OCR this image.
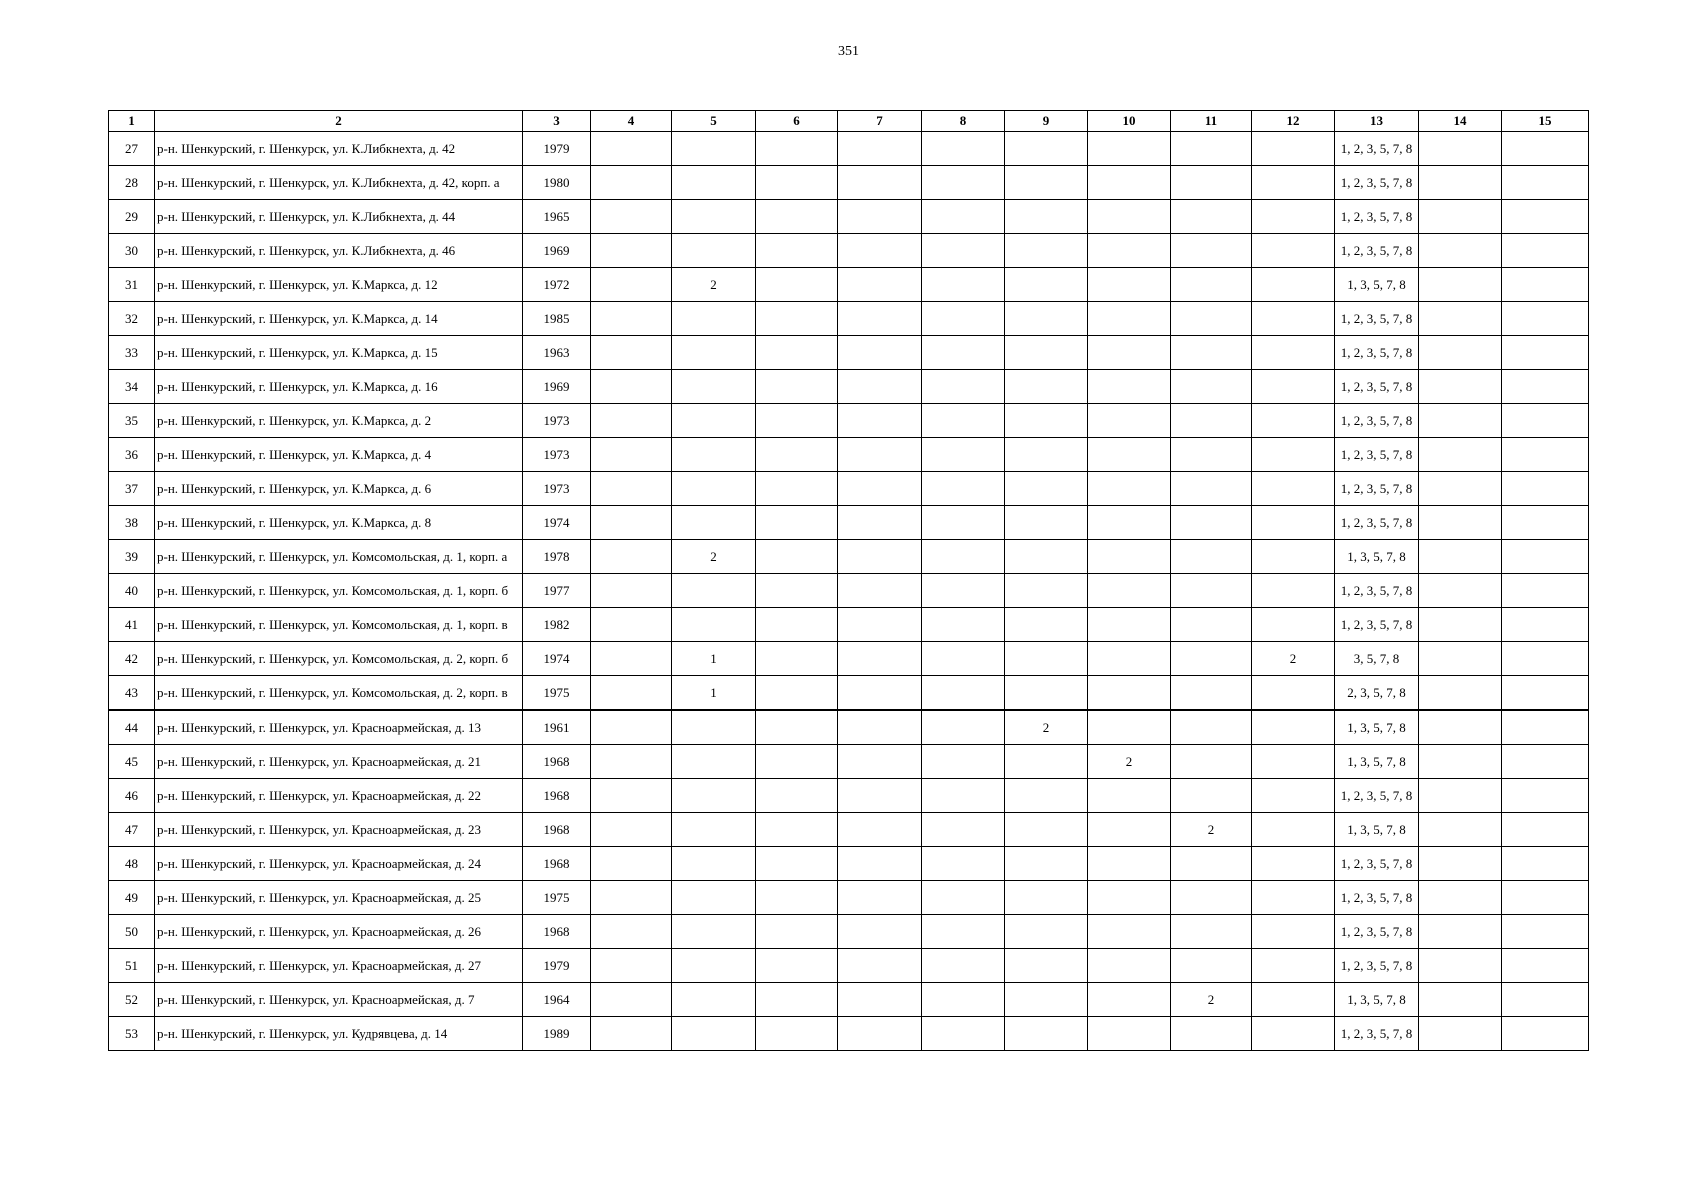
351
1	2	3	4	5	6	7	8	9	10	11	12	13	14	15
27	р-н. Шенкурский, г. Шенкурск, ул. К.Либкнехта, д. 42	1979										1, 2, 3, 5, 7, 8		
28	р-н. Шенкурский, г. Шенкурск, ул. К.Либкнехта, д. 42, корп. а	1980										1, 2, 3, 5, 7, 8		
29	р-н. Шенкурский, г. Шенкурск, ул. К.Либкнехта, д. 44	1965										1, 2, 3, 5, 7, 8		
30	р-н. Шенкурский, г. Шенкурск, ул. К.Либкнехта, д. 46	1969										1, 2, 3, 5, 7, 8		
31	р-н. Шенкурский, г. Шенкурск, ул. К.Маркса, д. 12	1972		2								1, 3, 5, 7, 8		
32	р-н. Шенкурский, г. Шенкурск, ул. К.Маркса, д. 14	1985										1, 2, 3, 5, 7, 8		
33	р-н. Шенкурский, г. Шенкурск, ул. К.Маркса, д. 15	1963										1, 2, 3, 5, 7, 8		
34	р-н. Шенкурский, г. Шенкурск, ул. К.Маркса, д. 16	1969										1, 2, 3, 5, 7, 8		
35	р-н. Шенкурский, г. Шенкурск, ул. К.Маркса, д. 2	1973										1, 2, 3, 5, 7, 8		
36	р-н. Шенкурский, г. Шенкурск, ул. К.Маркса, д. 4	1973										1, 2, 3, 5, 7, 8		
37	р-н. Шенкурский, г. Шенкурск, ул. К.Маркса, д. 6	1973										1, 2, 3, 5, 7, 8		
38	р-н. Шенкурский, г. Шенкурск, ул. К.Маркса, д. 8	1974										1, 2, 3, 5, 7, 8		
39	р-н. Шенкурский, г. Шенкурск, ул. Комсомольская, д. 1, корп. а	1978		2								1, 3, 5, 7, 8		
40	р-н. Шенкурский, г. Шенкурск, ул. Комсомольская, д. 1, корп. б	1977										1, 2, 3, 5, 7, 8		
41	р-н. Шенкурский, г. Шенкурск, ул. Комсомольская, д. 1, корп. в	1982										1, 2, 3, 5, 7, 8		
42	р-н. Шенкурский, г. Шенкурск, ул. Комсомольская, д. 2, корп. б	1974		1							2	3, 5, 7, 8		
43	р-н. Шенкурский, г. Шенкурск, ул. Комсомольская, д. 2, корп. в	1975		1								2, 3, 5, 7, 8		
44	р-н. Шенкурский, г. Шенкурск, ул. Красноармейская, д. 13	1961						2				1, 3, 5, 7, 8		
45	р-н. Шенкурский, г. Шенкурск, ул. Красноармейская, д. 21	1968							2			1, 3, 5, 7, 8		
46	р-н. Шенкурский, г. Шенкурск, ул. Красноармейская, д. 22	1968										1, 2, 3, 5, 7, 8		
47	р-н. Шенкурский, г. Шенкурск, ул. Красноармейская, д. 23	1968								2		1, 3, 5, 7, 8		
48	р-н. Шенкурский, г. Шенкурск, ул. Красноармейская, д. 24	1968										1, 2, 3, 5, 7, 8		
49	р-н. Шенкурский, г. Шенкурск, ул. Красноармейская, д. 25	1975										1, 2, 3, 5, 7, 8		
50	р-н. Шенкурский, г. Шенкурск, ул. Красноармейская, д. 26	1968										1, 2, 3, 5, 7, 8		
51	р-н. Шенкурский, г. Шенкурск, ул. Красноармейская, д. 27	1979										1, 2, 3, 5, 7, 8		
52	р-н. Шенкурский, г. Шенкурск, ул. Красноармейская, д. 7	1964								2		1, 3, 5, 7, 8		
53	р-н. Шенкурский, г. Шенкурск, ул. Кудрявцева, д. 14	1989										1, 2, 3, 5, 7, 8		
